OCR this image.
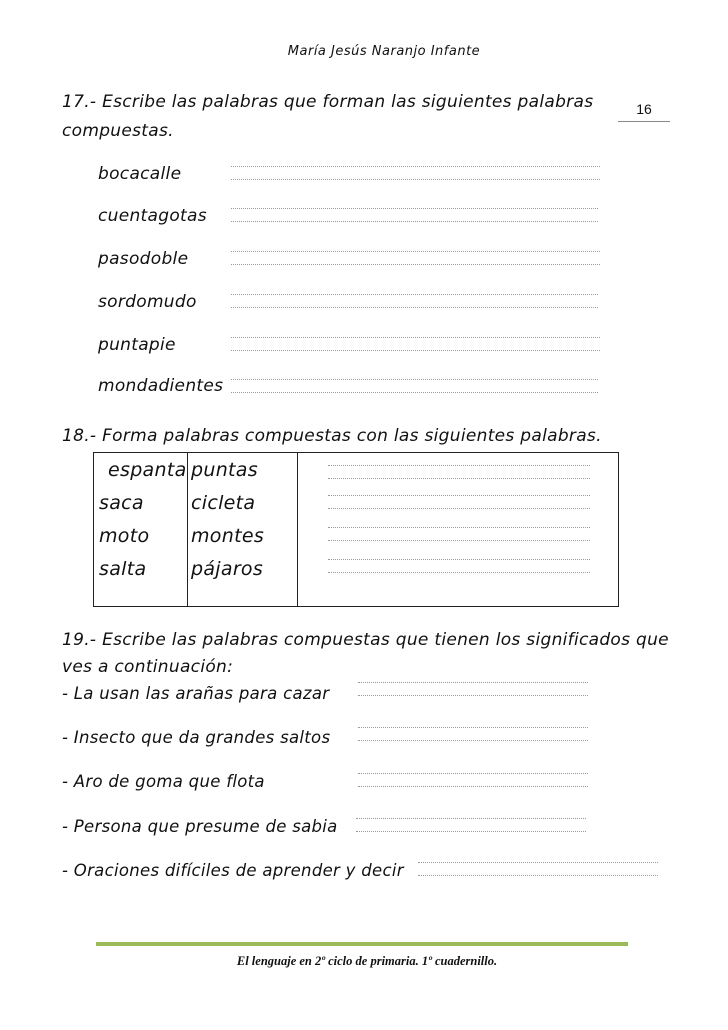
María Jesús Naranjo Infante
16
17.- Escribe las palabras que forman las siguientes palabras
compuestas.
bocacalle
cuentagotas
pasodoble
sordomudo
puntapie
mondadientes
18.- Forma palabras compuestas con las siguientes palabras.
espanta
saca
moto
salta
puntas
cicleta
montes
pájaros
19.- Escribe las palabras compuestas que tienen los significados que
ves a continuación:
- La usan las arañas para cazar
- Insecto que da grandes saltos
- Aro de goma que flota
- Persona que presume de sabia
- Oraciones difíciles de aprender y decir
El lenguaje en 2º ciclo de primaria. 1º cuadernillo.
